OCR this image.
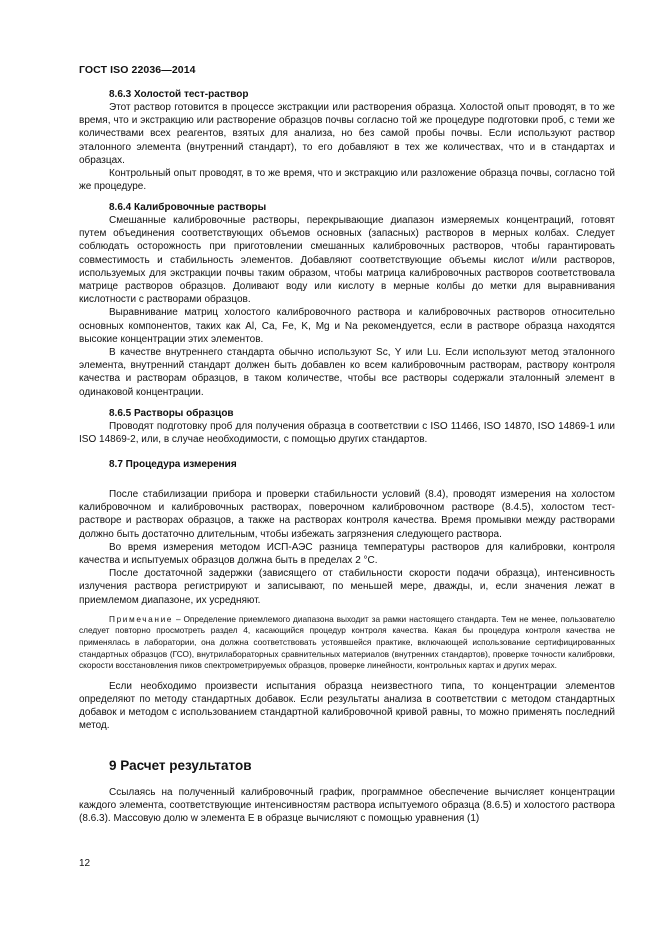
ГОСТ ISO 22036—2014
8.6.3 Холостой тест-раствор

Этот раствор готовится в процессе экстракции или растворения образца. Холостой опыт проводят, в то же время, что и экстракцию или растворение образцов почвы согласно той же процедуре подготовки проб, с теми же количествами всех реагентов, взятых для анализа, но без самой пробы почвы. Если используют раствор эталонного элемента (внутренний стандарт), то его добавляют в тех же количествах, что и в стандартах и образцах.

Контрольный опыт проводят, в то же время, что и экстракцию или разложение образца почвы, согласно той же процедуре.

8.6.4 Калибровочные растворы

Смешанные калибровочные растворы, перекрывающие диапазон измеряемых концентраций, готовят путем объединения соответствующих объемов основных (запасных) растворов в мерных колбах. Следует соблюдать осторожность при приготовлении смешанных калибровочных растворов, чтобы гарантировать совместимость и стабильность элементов. Добавляют соответствующие объемы кислот и/или растворов, используемых для экстракции почвы таким образом, чтобы матрица калибровочных растворов соответствовала матрице растворов образцов. Доливают воду или кислоту в мерные колбы до метки для выравнивания кислотности с растворами образцов.

Выравнивание матриц холостого калибровочного раствора и калибровочных растворов относительно основных компонентов, таких как Al, Ca, Fe, K, Mg и Na рекомендуется, если в растворе образца находятся высокие концентрации этих элементов.

В качестве внутреннего стандарта обычно используют Sc, Y или Lu. Если используют метод эталонного элемента, внутренний стандарт должен быть добавлен ко всем калибровочным растворам, раствору контроля качества и растворам образцов, в таком количестве, чтобы все растворы содержали эталонный элемент в одинаковой концентрации.

8.6.5 Растворы образцов

Проводят подготовку проб для получения образца в соответствии с ISO 11466, ISO 14870, ISO 14869-1 или ISO 14869-2, или, в случае необходимости, с помощью других стандартов.

8.7 Процедура измерения

После стабилизации прибора и проверки стабильности условий (8.4), проводят измерения на холостом калибровочном и калибровочных растворах, поверочном калибровочном растворе (8.4.5), холостом тест-растворе и растворах образцов, а также на растворах контроля качества. Время промывки между растворами должно быть достаточно длительным, чтобы избежать загрязнения следующего раствора.

Во время измерения методом ИСП-АЭС разница температуры растворов для калибровки, контроля качества и испытуемых образцов должна быть в пределах 2 °С.

После достаточной задержки (зависящего от стабильности скорости подачи образца), интенсивность излучения раствора регистрируют и записывают, по меньшей мере, дважды, и, если значения лежат в приемлемом диапазоне, их усредняют.

Примечание – Определение приемлемого диапазона выходит за рамки настоящего стандарта. Тем не менее, пользователю следует повторно просмотреть раздел 4, касающийся процедур контроля качества. Какая бы процедура контроля качества не применялась в лаборатории, она должна соответствовать устоявшейся практике, включающей использование сертифицированных стандартных образцов (ГСО), внутрилабораторных сравнительных материалов (внутренних стандартов), проверке точности калибровки, скорости восстановления пиков спектрометрируемых образцов, проверке линейности, контрольных картах и других мерах.

Если необходимо произвести испытания образца неизвестного типа, то концентрации элементов определяют по методу стандартных добавок. Если результаты анализа в соответствии с методом стандартных добавок и методом с использованием стандартной калибровочной кривой равны, то можно применять последний метод.

9 Расчет результатов

Ссылаясь на полученный калибровочный график, программное обеспечение вычисляет концентрации каждого элемента, соответствующие интенсивностям раствора испытуемого образца (8.6.5) и холостого раствора (8.6.3). Массовую долю w элемента E в образце вычисляют с помощью уравнения (1)

12
